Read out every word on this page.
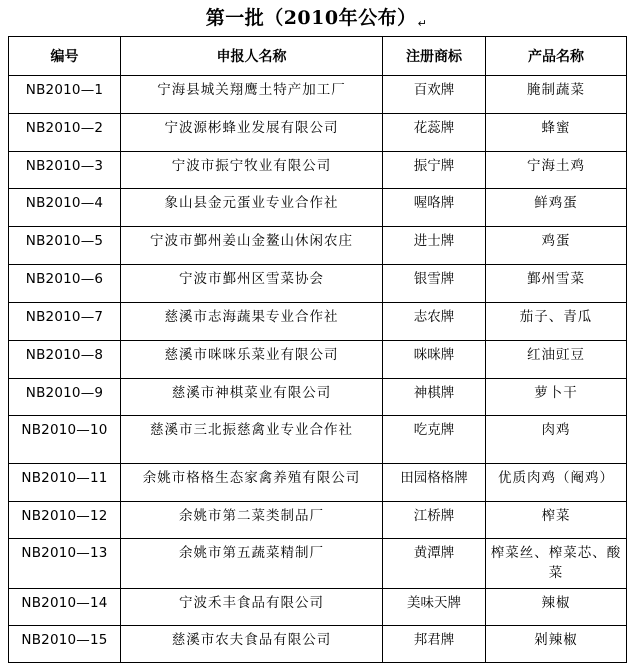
第一批（2010年公布）↵
编号	申报人名称	注册商标	产品名称
NB2010—1	宁海县城关翔鹰土特产加工厂	百欢牌	腌制蔬菜
NB2010—2	宁波源彬蜂业发展有限公司	花蕊牌	蜂蜜
NB2010—3	宁波市振宁牧业有限公司	振宁牌	宁海土鸡
NB2010—4	象山县金元蛋业专业合作社	喔咯牌	鲜鸡蛋
NB2010—5	宁波市鄞州姜山金鳌山休闲农庄	进士牌	鸡蛋
NB2010—6	宁波市鄞州区雪菜协会	银雪牌	鄞州雪菜
NB2010—7	慈溪市志海蔬果专业合作社	志农牌	茄子、青瓜
NB2010—8	慈溪市咪咪乐菜业有限公司	咪咪牌	红油豇豆
NB2010—9	慈溪市神棋菜业有限公司	神棋牌	萝卜干
NB2010—10	慈溪市三北振慈禽业专业合作社	吃克牌	肉鸡
NB2010—11	余姚市格格生态家禽养殖有限公司	田园格格牌	优质肉鸡（阉鸡）
NB2010—12	余姚市第二菜类制品厂	江桥牌	榨菜
NB2010—13	余姚市第五蔬菜精制厂	黄潭牌	榨菜丝、榨菜芯、酸菜
NB2010—14	宁波禾丰食品有限公司	美味天牌	辣椒
NB2010—15	慈溪市农夫食品有限公司	邦君牌	剁辣椒
